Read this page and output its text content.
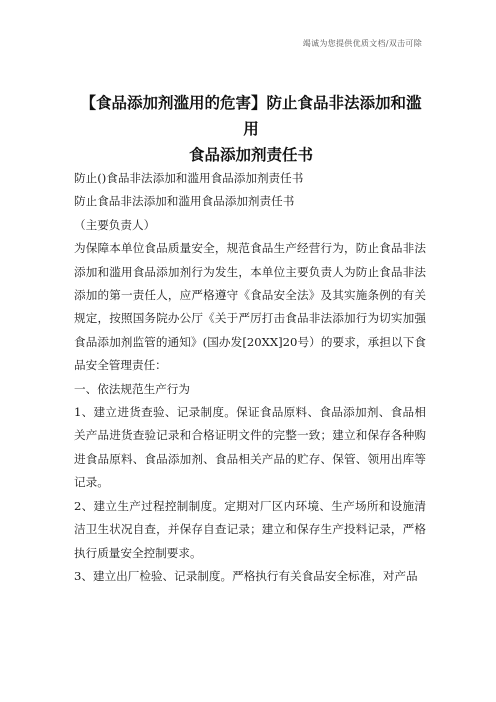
竭诚为您提供优质文档/双击可除
【食品添加剂滥用的危害】防止食品非法添加和滥用
食品添加剂责任书

防止()食品非法添加和滥用食品添加剂责任书

防止食品非法添加和滥用食品添加剂责任书

（主要负责人）

为保障本单位食品质量安全，规范食品生产经营行为，防止食品非法添加和滥用食品添加剂行为发生，本单位主要负责人为防止食品非法添加的第一责任人，应严格遵守《食品安全法》及其实施条例的有关规定，按照国务院办公厅《关于严厉打击食品非法添加行为切实加强食品添加剂监管的通知》(国办发[20XX]20号）的要求，承担以下食品安全管理责任：

一、依法规范生产行为

1、建立进货查验、记录制度。保证食品原料、食品添加剂、食品相关产品进货查验记录和合格证明文件的完整一致；建立和保存各种购进食品原料、食品添加剂、食品相关产品的贮存、保管、领用出库等记录。

2、建立生产过程控制制度。定期对厂区内环境、生产场所和设施清洁卫生状况自查，并保存自查记录；建立和保存生产投料记录，严格执行质量安全控制要求。

3、建立出厂检验、记录制度。严格执行有关食品安全标准，对产品
